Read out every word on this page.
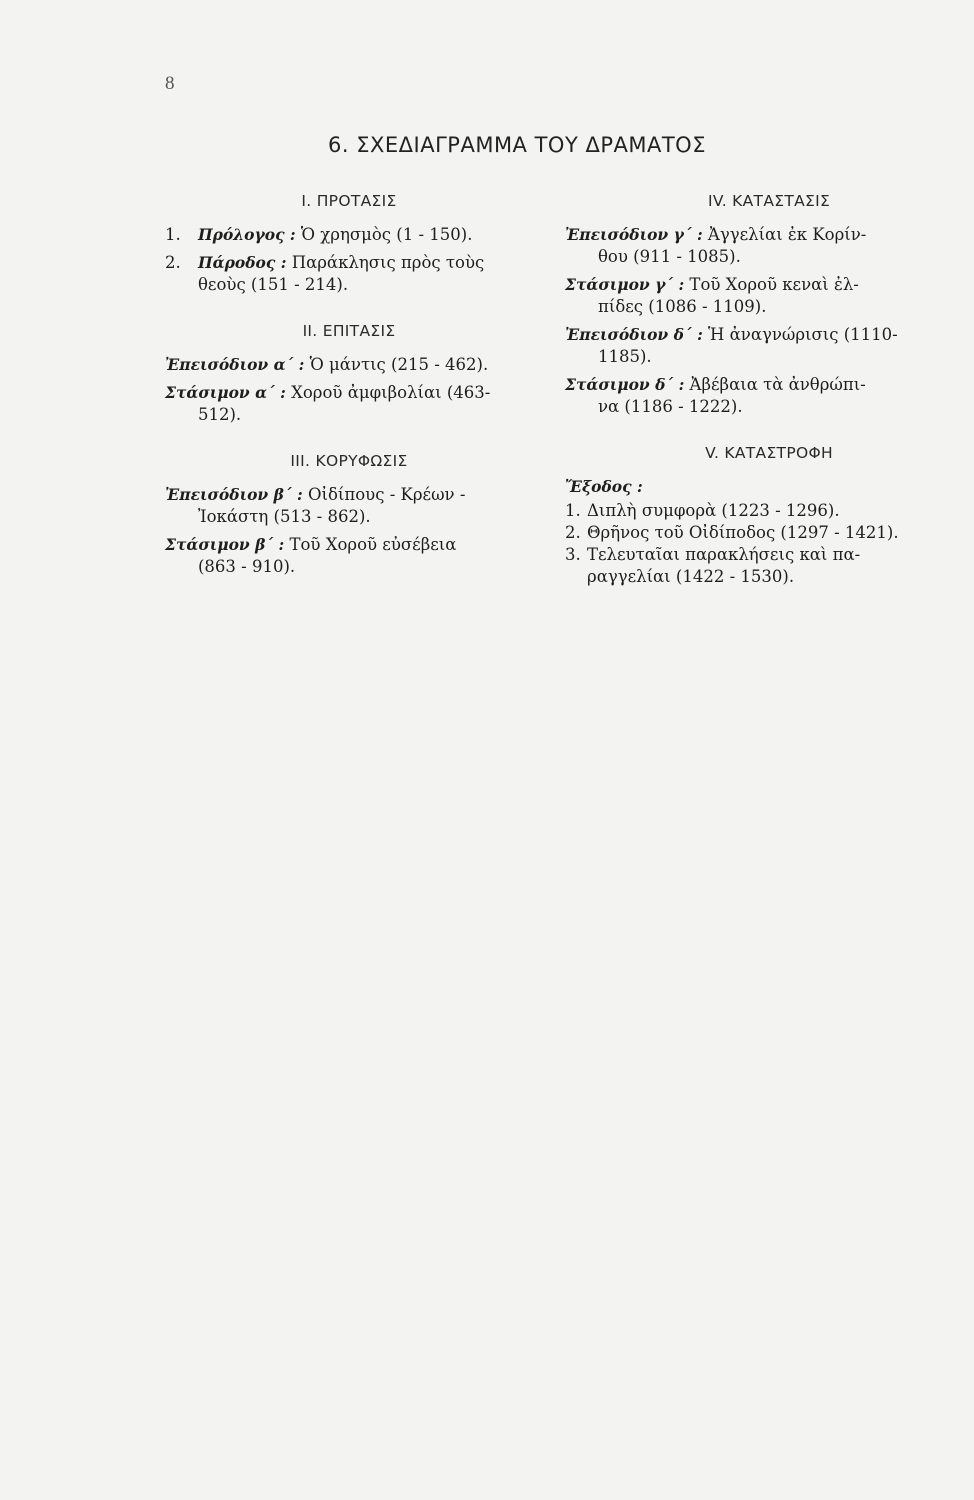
8
6. ΣΧΕΔΙΑΓΡΑΜΜΑ ΤΟΥ ΔΡΑΜΑΤΟΣ
I. ΠΡΟΤΑΣΙΣ

1. Πρόλογος : Ὁ χρησμὸς (1 - 150).

2. Πάροδος : Παράκλησις πρὸς τοὺς
θεοὺς (151 - 214).

II. ΕΠΙΤΑΣΙΣ

Ἐπεισόδιον α΄ : Ὁ μάντις (215 - 462).

Στάσιμον α΄ : Χοροῦ ἀμφιβολίαι (463-
512).

III. ΚΟΡΥΦΩΣΙΣ

Ἐπεισόδιον β΄ : Οἰδίπους - Κρέων -
Ἰοκάστη (513 - 862).

Στάσιμον β΄ : Τοῦ Χοροῦ εὐσέβεια
(863 - 910).

IV. ΚΑΤΑΣΤΑΣΙΣ

Ἐπεισόδιον γ΄ : Ἀγγελίαι ἐκ Κορίν-
θου (911 - 1085).

Στάσιμον γ΄ : Τοῦ Χοροῦ κεναὶ ἐλ-
πίδες (1086 - 1109).

Ἐπεισόδιον δ΄ : Ἡ ἀναγνώρισις (1110-
1185).

Στάσιμον δ΄ : Ἀβέβαια τὰ ἀνθρώπι-
να (1186 - 1222).

V. ΚΑΤΑΣΤΡΟΦΗ

Ἔξοδος :

1. Διπλὴ συμφορὰ (1223 - 1296).

2. Θρῆνος τοῦ Οἰδίποδος (1297 - 1421).

3. Τελευταῖαι παρακλήσεις καὶ πα-
ραγγελίαι (1422 - 1530).
